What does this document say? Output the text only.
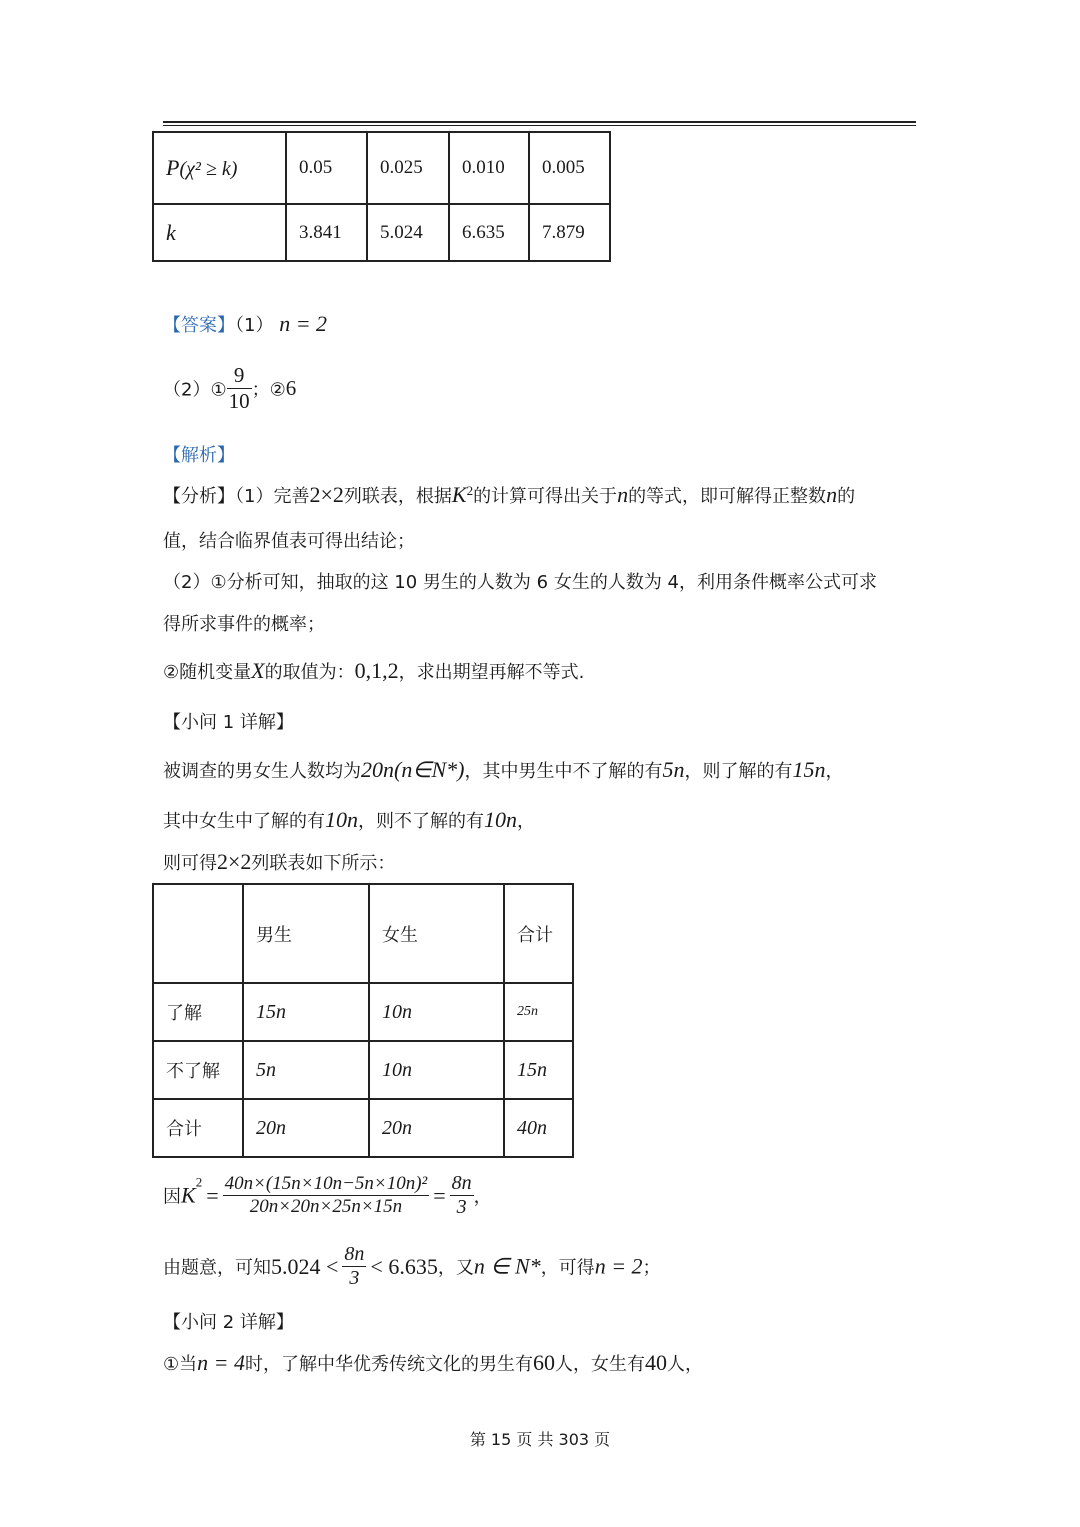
P(χ² ≥ k)	0.05	0.025	0.010	0.005
k	3.841	5.024	6.635	7.879
【答案】（1） n = 2
（2）① $\frac{9}{10}$ ；②6
【解析】
【分析】（1）完善2×2列联表，根据$K^2$的计算可得出关于n的等式，即可解得正整数n的
值，结合临界值表可得出结论；
（2）①分析可知，抽取的这 10 男生的人数为 6 女生的人数为 4，利用条件概率公式可求
得所求事件的概率；
②随机变量X的取值为：0,1,2，求出期望再解不等式.
【小问 1 详解】
被调查的男女生人数均为20n(n∈N*)，其中男生中不了解的有5n，则了解的有15n，
其中女生中了解的有10n，则不了解的有10n，
则可得2×2列联表如下所示：
	男生	女生	合计
了解	15n	10n	25n
不了解	5n	10n	15n
合计	20n	20n	40n
因$K^2= \frac{\text{40n×(15n×10n−5n×10n)²}}{20n\times 20n\times 25n\times 15n} = \frac{8n}{3}$ ，
由题意，可知$5.024 < \frac{8n}{3} < 6.635$，又n ∈ N*，可得n = 2；
【小问 2 详解】
①当n = 4时，了解中华优秀传统文化的男生有60人，女生有40人，
第 15 页 共 303 页
